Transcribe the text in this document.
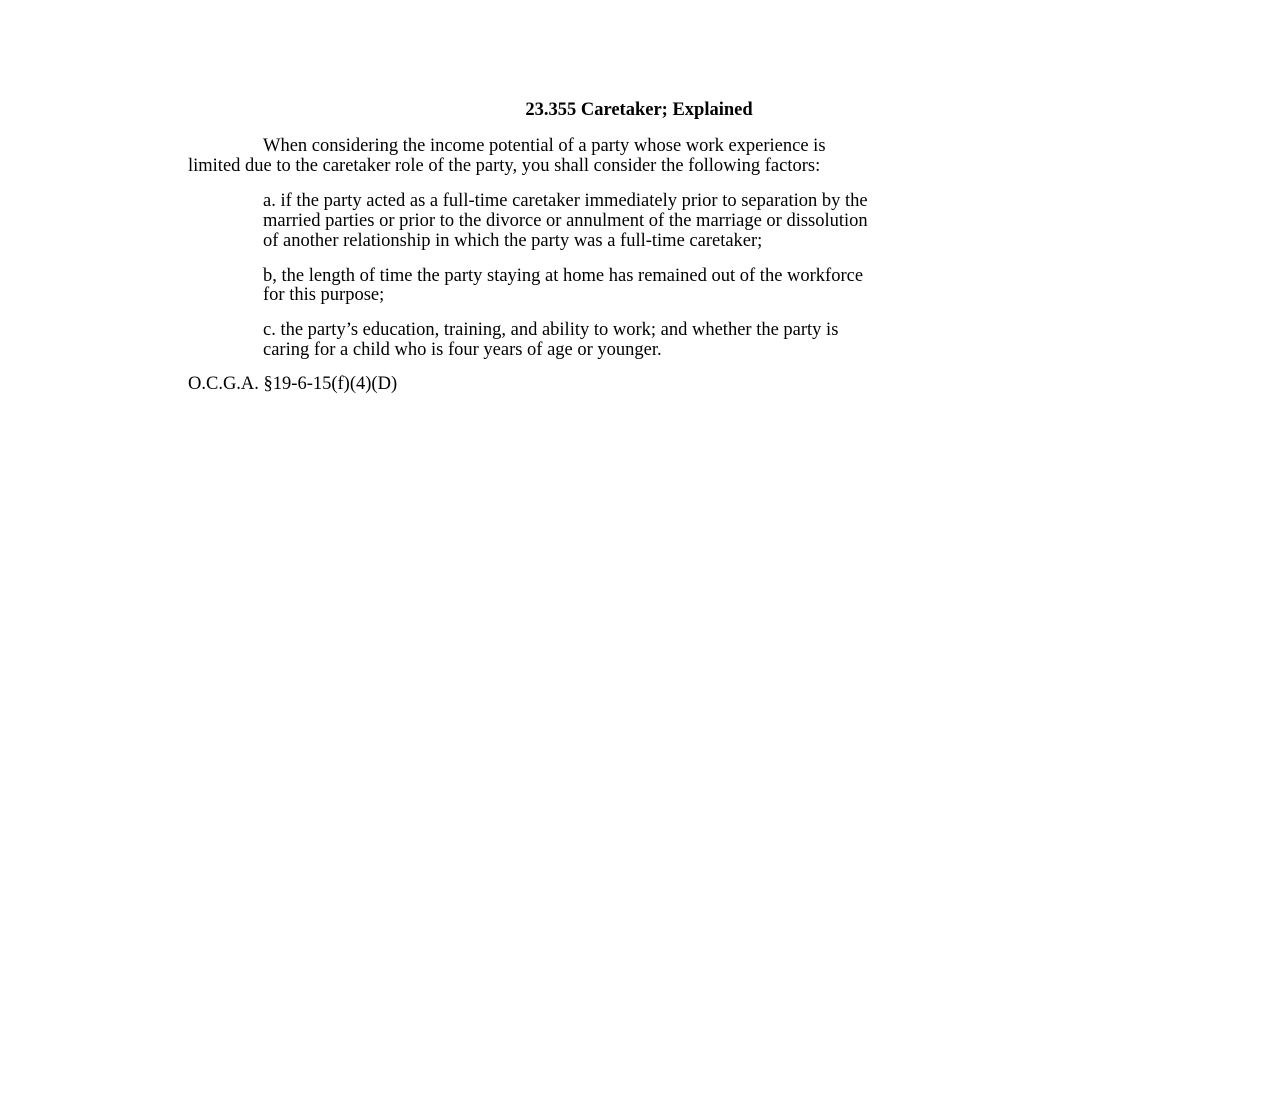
23.355 Caretaker; Explained

When considering the income potential of a party whose work experience is
limited due to the caretaker role of the party, you shall consider the following factors:

a. if the party acted as a full-time caretaker immediately prior to separation by the
married parties or prior to the divorce or annulment of the marriage or dissolution
of another relationship in which the party was a full-time caretaker;

b, the length of time the party staying at home has remained out of the workforce
for this purpose;

c. the party’s education, training, and ability to work; and whether the party is
caring for a child who is four years of age or younger.

O.C.G.A. §19-6-15(f)(4)(D)
